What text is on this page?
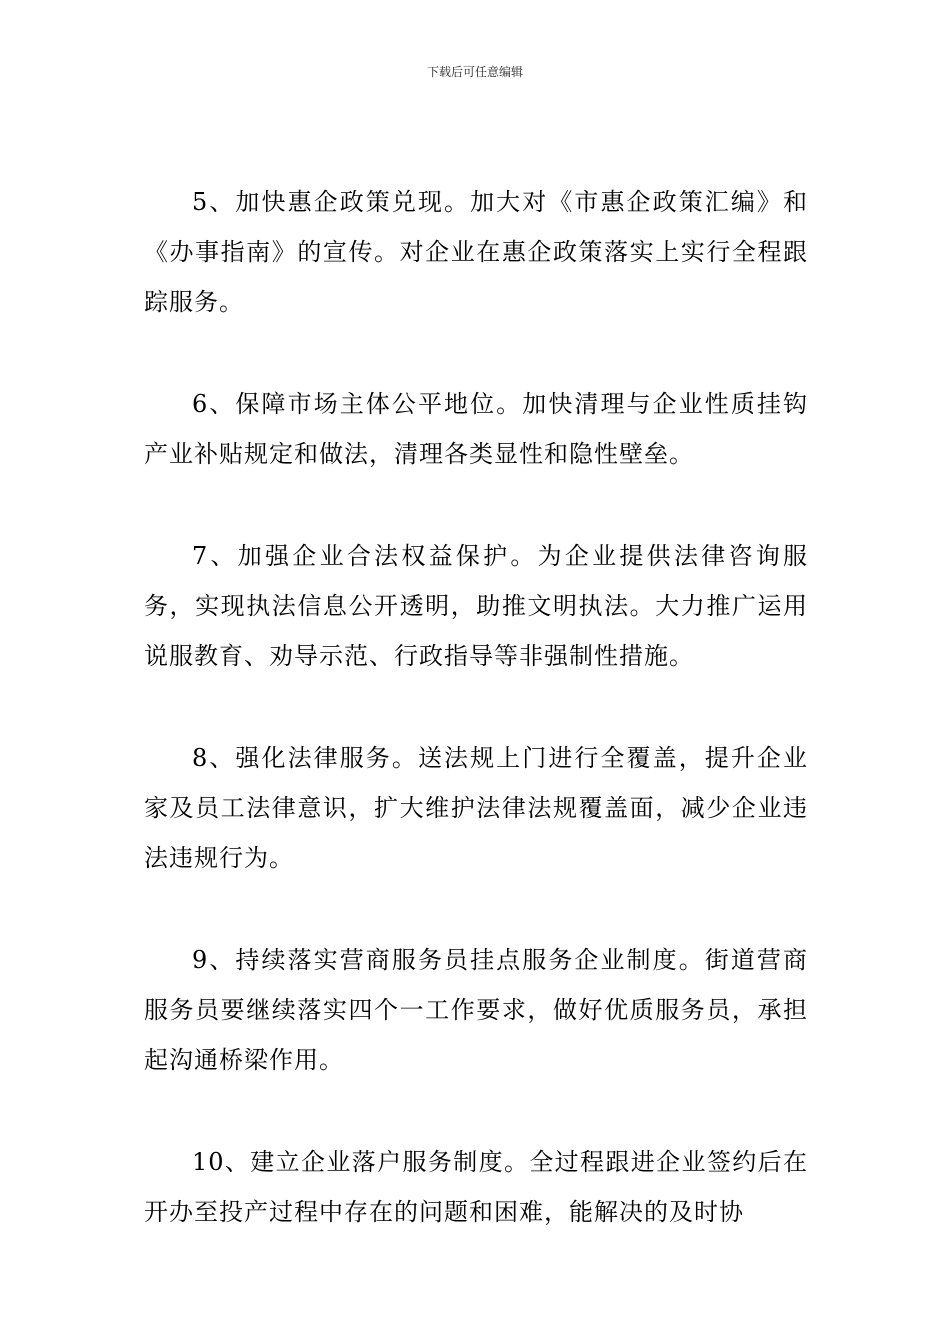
下载后可任意编辑

5、加快惠企政策兑现。加大对《市惠企政策汇编》和《办事指南》的宣传。对企业在惠企政策落实上实行全程跟踪服务。

6、保障市场主体公平地位。加快清理与企业性质挂钩产业补贴规定和做法，清理各类显性和隐性壁垒。

7、加强企业合法权益保护。为企业提供法律咨询服务，实现执法信息公开透明，助推文明执法。大力推广运用说服教育、劝导示范、行政指导等非强制性措施。

8、强化法律服务。送法规上门进行全覆盖，提升企业家及员工法律意识，扩大维护法律法规覆盖面，减少企业违法违规行为。

9、持续落实营商服务员挂点服务企业制度。街道营商服务员要继续落实四个一工作要求，做好优质服务员，承担起沟通桥梁作用。

10、建立企业落户服务制度。全过程跟进企业签约后在开办至投产过程中存在的问题和困难，能解决的及时协
